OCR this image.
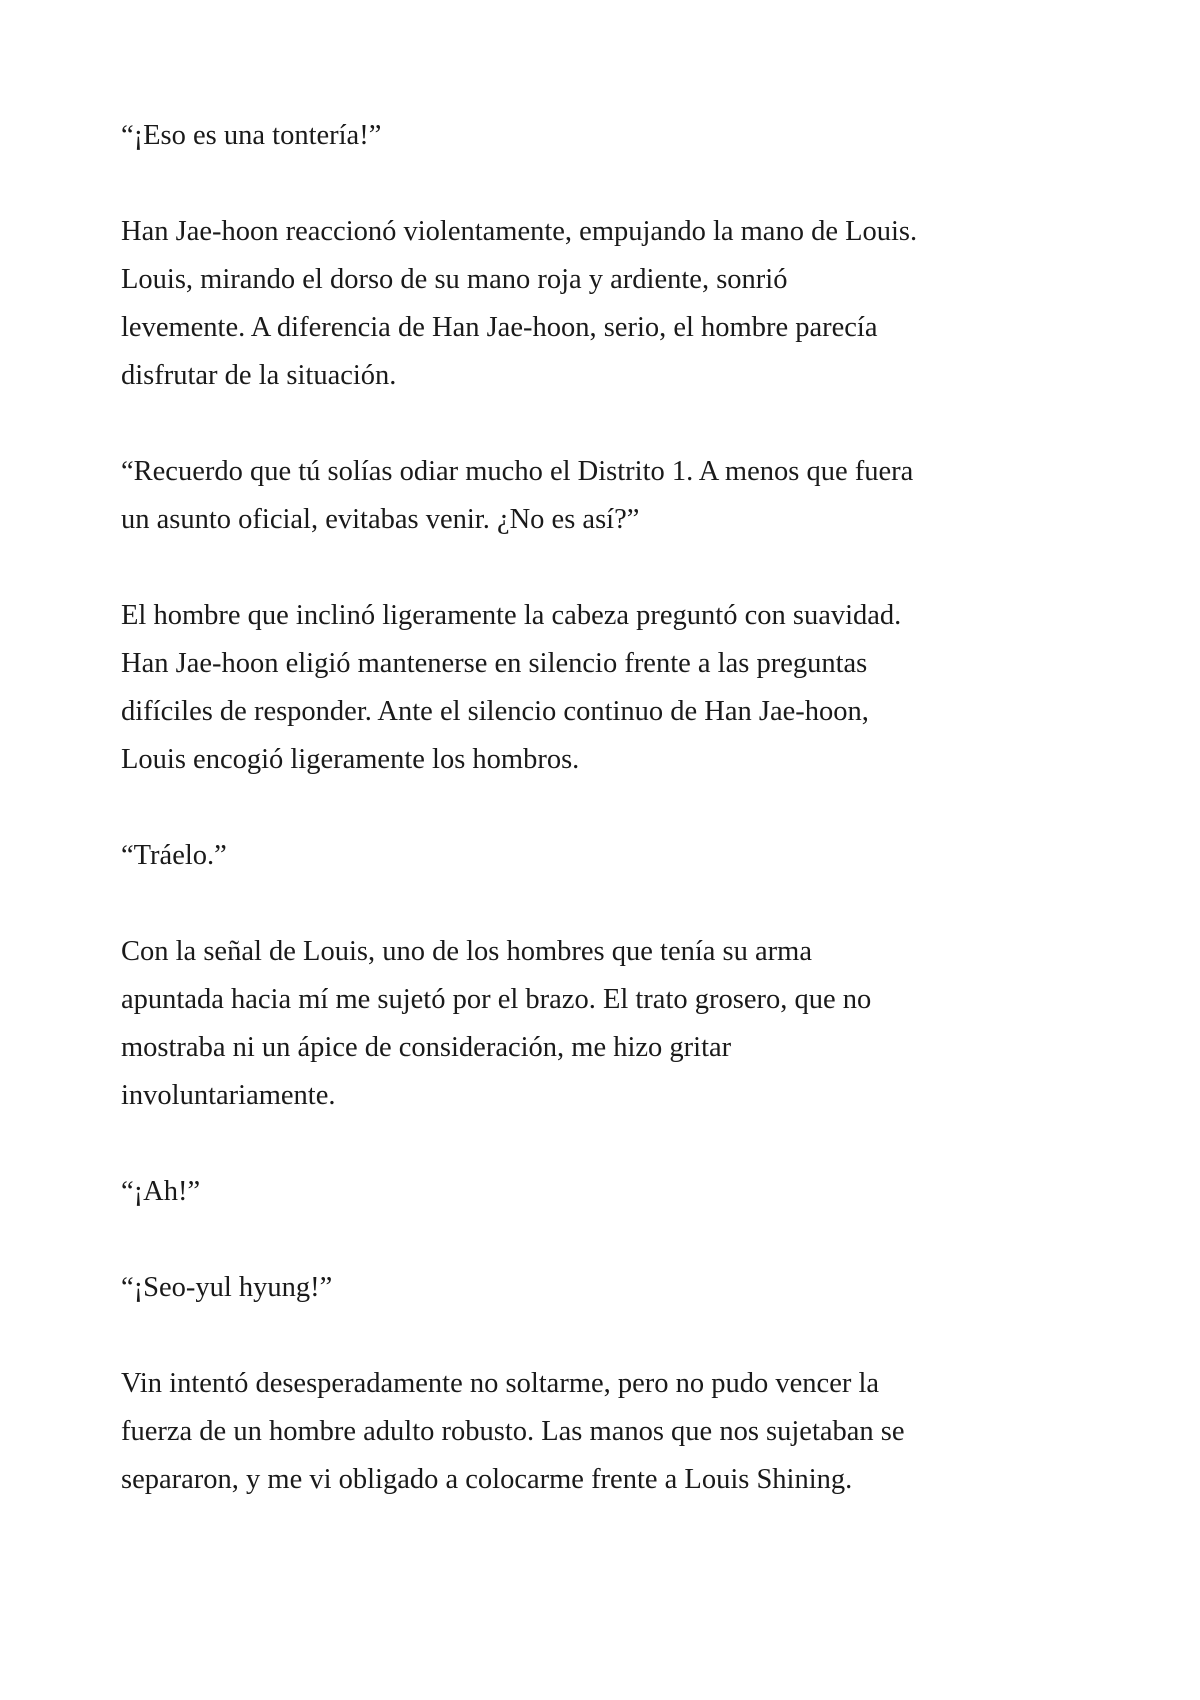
“¡Eso es una tontería!”

Han Jae-hoon reaccionó violentamente, empujando la mano de Louis.
Louis, mirando el dorso de su mano roja y ardiente, sonrió
levemente. A diferencia de Han Jae-hoon, serio, el hombre parecía
disfrutar de la situación.

“Recuerdo que tú solías odiar mucho el Distrito 1. A menos que fuera
un asunto oficial, evitabas venir. ¿No es así?”

El hombre que inclinó ligeramente la cabeza preguntó con suavidad.
Han Jae-hoon eligió mantenerse en silencio frente a las preguntas
difíciles de responder. Ante el silencio continuo de Han Jae-hoon,
Louis encogió ligeramente los hombros.

“Tráelo.”

Con la señal de Louis, uno de los hombres que tenía su arma
apuntada hacia mí me sujetó por el brazo. El trato grosero, que no
mostraba ni un ápice de consideración, me hizo gritar
involuntariamente.

“¡Ah!”

“¡Seo-yul hyung!”

Vin intentó desesperadamente no soltarme, pero no pudo vencer la
fuerza de un hombre adulto robusto. Las manos que nos sujetaban se
separaron, y me vi obligado a colocarme frente a Louis Shining.
